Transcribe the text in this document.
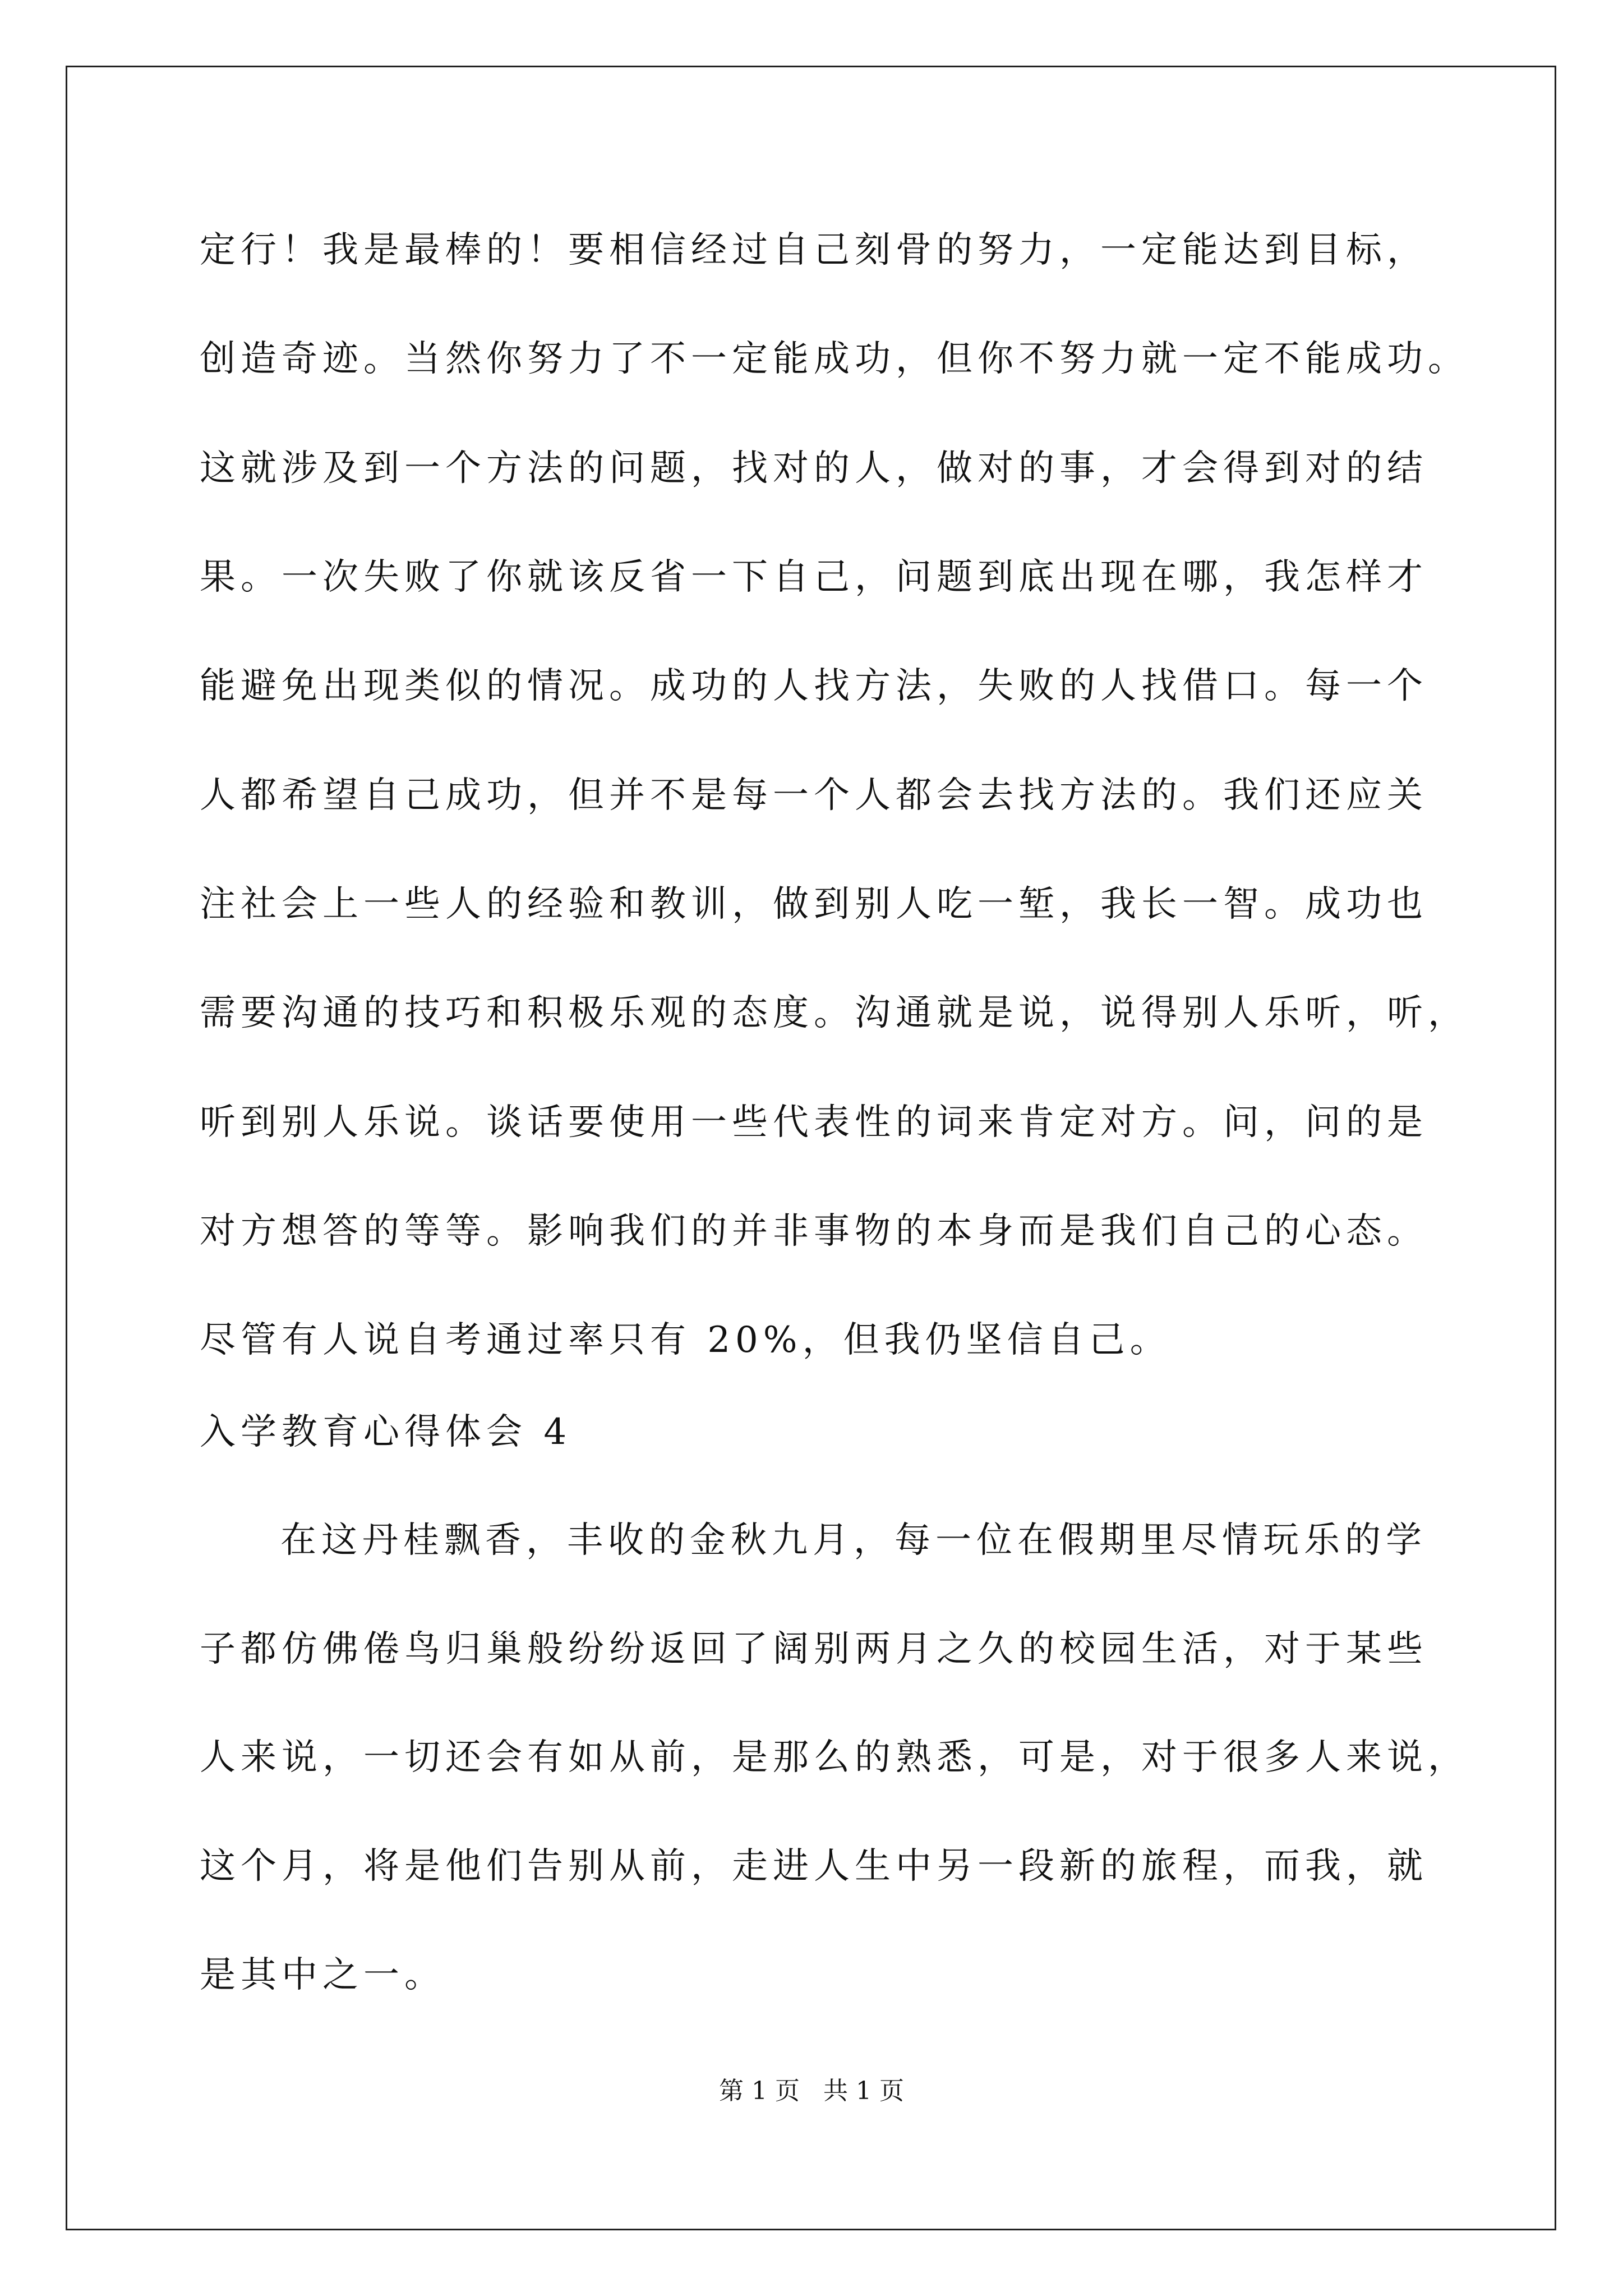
定行！我是最棒的！要相信经过自己刻骨的努力，一定能达到目标，
创造奇迹。当然你努力了不一定能成功，但你不努力就一定不能成功。
这就涉及到一个方法的问题，找对的人，做对的事，才会得到对的结
果。一次失败了你就该反省一下自己，问题到底出现在哪，我怎样才
能避免出现类似的情况。成功的人找方法，失败的人找借口。每一个
人都希望自己成功，但并不是每一个人都会去找方法的。我们还应关
注社会上一些人的经验和教训，做到别人吃一堑，我长一智。成功也
需要沟通的技巧和积极乐观的态度。沟通就是说，说得别人乐听，听，
听到别人乐说。谈话要使用一些代表性的词来肯定对方。问，问的是
对方想答的等等。影响我们的并非事物的本身而是我们自己的心态。
尽管有人说自考通过率只有 20%，但我仍坚信自己。
入学教育心得体会 4
在这丹桂飘香，丰收的金秋九月，每一位在假期里尽情玩乐的学
子都仿佛倦鸟归巢般纷纷返回了阔别两月之久的校园生活，对于某些
人来说，一切还会有如从前，是那么的熟悉，可是，对于很多人来说，
这个月，将是他们告别从前，走进人生中另一段新的旅程，而我，就
是其中之一。
第 1 页   共 1 页
